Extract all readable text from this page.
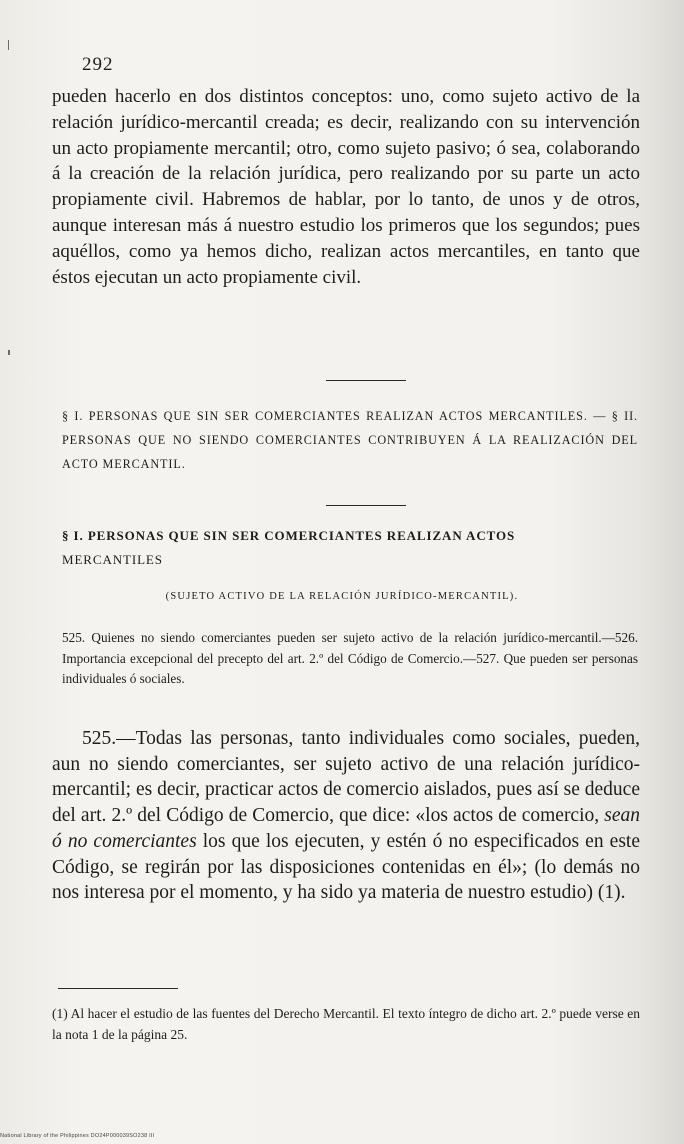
292

pueden hacerlo en dos distintos conceptos: uno, como sujeto activo de la relación jurídico-mercantil creada; es decir, realizando con su intervención un acto propiamente mercantil; otro, como sujeto pasivo; ó sea, colaborando á la creación de la relación jurídica, pero realizando por su parte un acto propiamente civil. Habremos de hablar, por lo tanto, de unos y de otros, aunque interesan más á nuestro estudio los primeros que los segundos; pues aquéllos, como ya hemos dicho, realizan actos mercantiles, en tanto que éstos ejecutan un acto propiamente civil.

§ I. PERSONAS QUE SIN SER COMERCIANTES REALIZAN ACTOS MERCANTILES. — § II. PERSONAS QUE NO SIENDO COMERCIANTES CONTRIBUYEN Á LA REALIZACIÓN DEL ACTO MERCANTIL.

§ I. PERSONAS QUE SIN SER COMERCIANTES REALIZAN ACTOS
MERCANTILES

(SUJETO ACTIVO DE LA RELACIÓN JURÍDICO-MERCANTIL).

525. Quienes no siendo comerciantes pueden ser sujeto activo de la relación jurídico-mercantil.—526. Importancia excepcional del precepto del art. 2.º del Código de Comercio.—527. Que pueden ser personas individuales ó sociales.

525.—Todas las personas, tanto individuales como sociales, pueden, aun no siendo comerciantes, ser sujeto activo de una relación jurídico-mercantil; es decir, practicar actos de comercio aislados, pues así se deduce del art. 2.º del Código de Comercio, que dice: «los actos de comercio, sean ó no comerciantes los que los ejecuten, y estén ó no especificados en este Código, se regirán por las disposiciones contenidas en él»; (lo demás no nos interesa por el momento, y ha sido ya materia de nuestro estudio) (1).

(1) Al hacer el estudio de las fuentes del Derecho Mercantil. El texto íntegro de dicho art. 2.º puede verse en la nota 1 de la página 25.

National Library of the Philippines DO24P000039SO238 III
